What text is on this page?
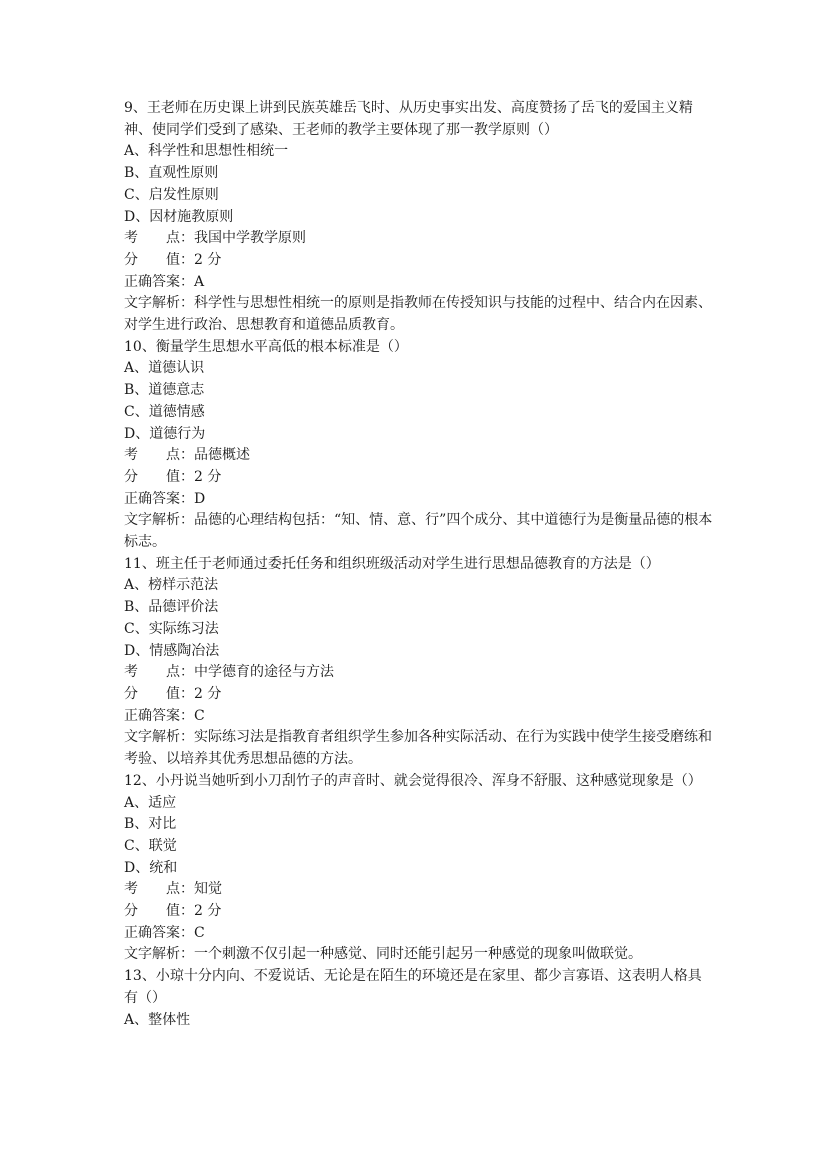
9、王老师在历史课上讲到民族英雄岳飞时、从历史事实出发、高度赞扬了岳飞的爱国主义精神、使同学们受到了感染、王老师的教学主要体现了那一教学原则（）

A、科学性和思想性相统一

B、直观性原则

C、启发性原则

D、因材施教原则

考　　点：我国中学教学原则

分　　值：2 分

正确答案：A

文字解析：科学性与思想性相统一的原则是指教师在传授知识与技能的过程中、结合内在因素、对学生进行政治、思想教育和道德品质教育。

10、衡量学生思想水平高低的根本标准是（）

A、道德认识

B、道德意志

C、道德情感

D、道德行为

考　　点：品德概述

分　　值：2 分

正确答案：D

文字解析：品德的心理结构包括：“知、情、意、行”四个成分、其中道德行为是衡量品德的根本标志。

11、班主任于老师通过委托任务和组织班级活动对学生进行思想品德教育的方法是（）

A、榜样示范法

B、品德评价法

C、实际练习法

D、情感陶冶法

考　　点：中学德育的途径与方法

分　　值：2 分

正确答案：C

文字解析：实际练习法是指教育者组织学生参加各种实际活动、在行为实践中使学生接受磨练和考验、以培养其优秀思想品德的方法。

12、小丹说当她听到小刀刮竹子的声音时、就会觉得很冷、浑身不舒服、这种感觉现象是（）

A、适应

B、对比

C、联觉

D、统和

考　　点：知觉

分　　值：2 分

正确答案：C

文字解析：一个刺激不仅引起一种感觉、同时还能引起另一种感觉的现象叫做联觉。

13、小琼十分内向、不爱说话、无论是在陌生的环境还是在家里、都少言寡语、这表明人格具有（）

A、整体性
